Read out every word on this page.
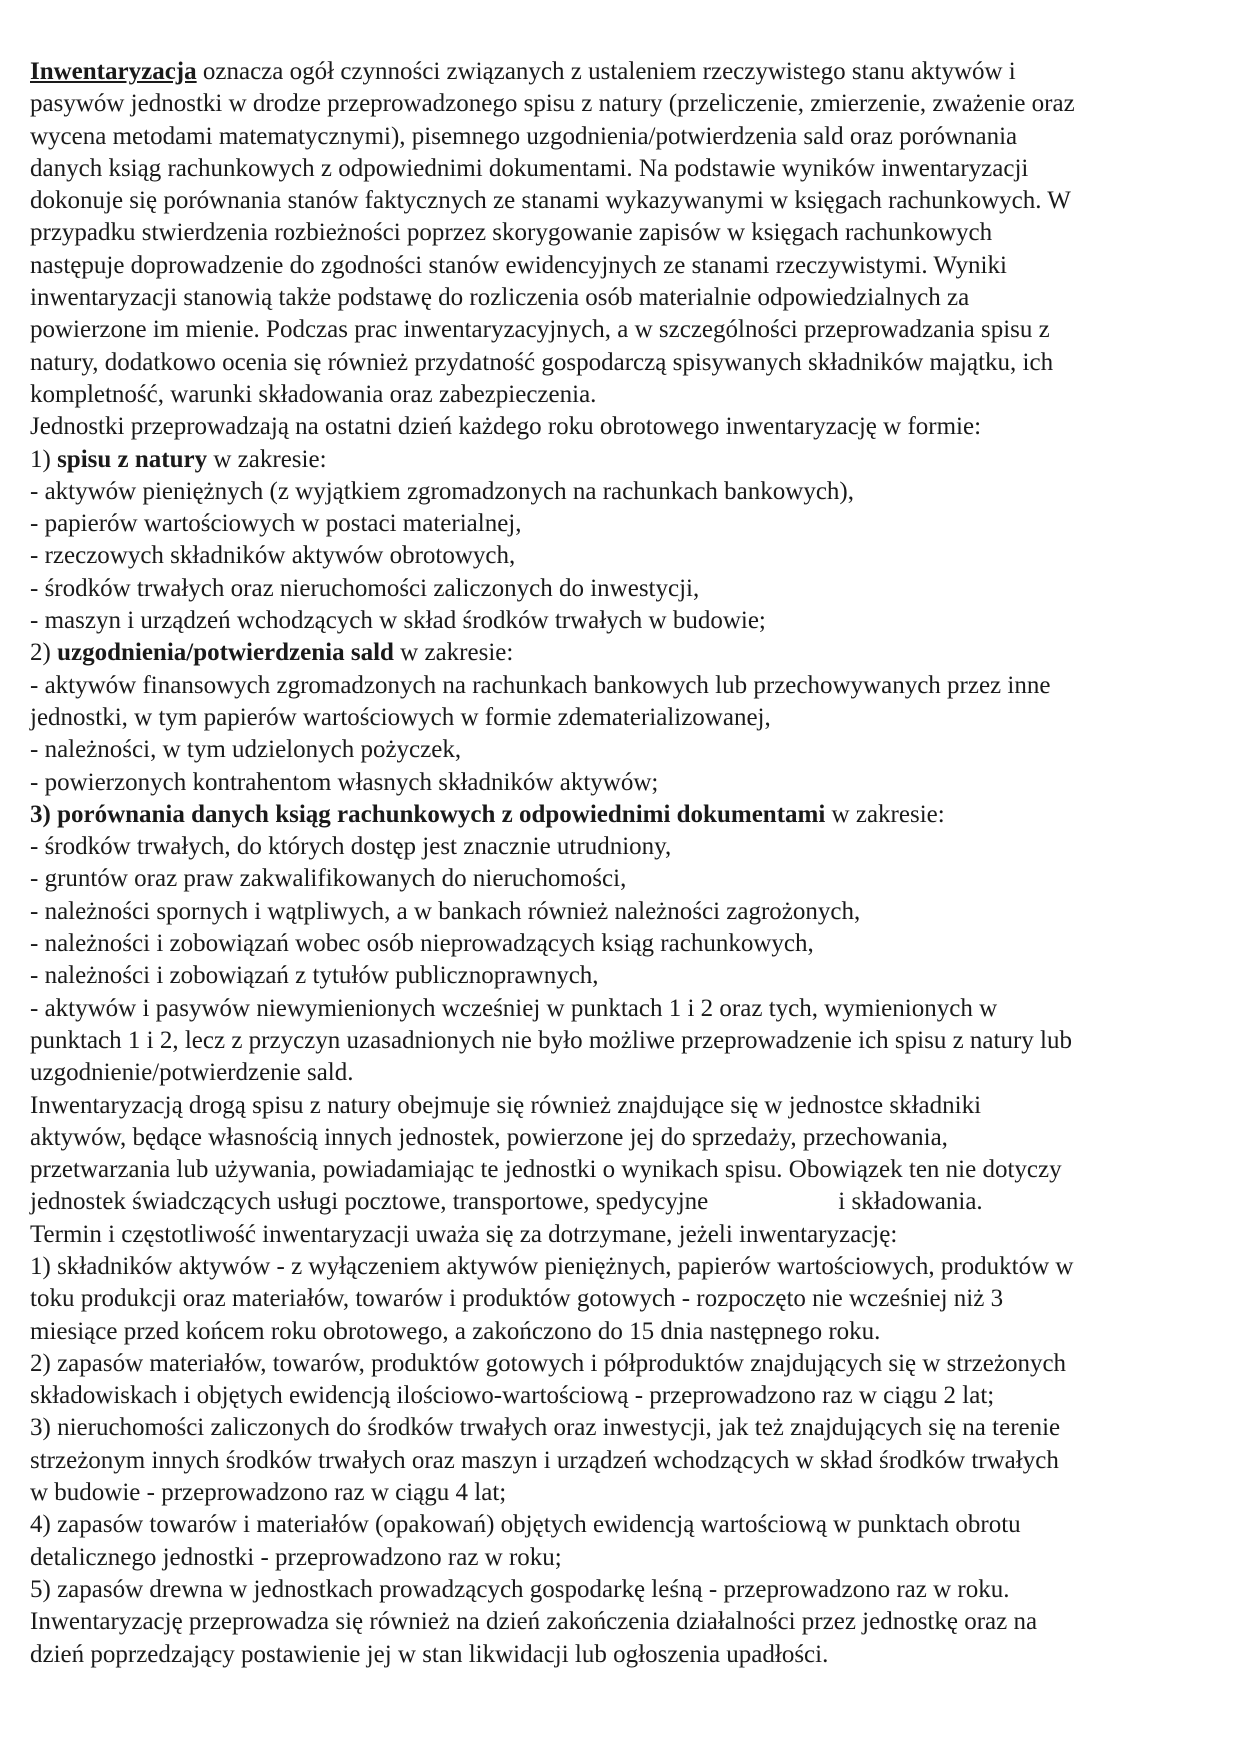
Inwentaryzacja oznacza ogół czynności związanych z ustaleniem rzeczywistego stanu aktywów i
pasywów jednostki w drodze przeprowadzonego spisu z natury (przeliczenie, zmierzenie, zważenie oraz
wycena metodami matematycznymi), pisemnego uzgodnienia/potwierdzenia sald oraz porównania
danych ksiąg rachunkowych z odpowiednimi dokumentami. Na podstawie wyników inwentaryzacji
dokonuje się porównania stanów faktycznych ze stanami wykazywanymi w księgach rachunkowych. W
przypadku stwierdzenia rozbieżności poprzez skorygowanie zapisów w księgach rachunkowych
następuje doprowadzenie do zgodności stanów ewidencyjnych ze stanami rzeczywistymi. Wyniki
inwentaryzacji stanowią także podstawę do rozliczenia osób materialnie odpowiedzialnych za
powierzone im mienie. Podczas prac inwentaryzacyjnych, a w szczególności przeprowadzania spisu z
natury, dodatkowo ocenia się również przydatność gospodarczą spisywanych składników majątku, ich
kompletność, warunki składowania oraz zabezpieczenia.
Jednostki przeprowadzają na ostatni dzień każdego roku obrotowego inwentaryzację w formie:
1) spisu z natury w zakresie:
- aktywów pieniężnych (z wyjątkiem zgromadzonych na rachunkach bankowych),
- papierów wartościowych w postaci materialnej,
- rzeczowych składników aktywów obrotowych,
- środków trwałych oraz nieruchomości zaliczonych do inwestycji,
- maszyn i urządzeń wchodzących w skład środków trwałych w budowie;
2) uzgodnienia/potwierdzenia sald w zakresie:
- aktywów finansowych zgromadzonych na rachunkach bankowych lub przechowywanych przez inne
jednostki, w tym papierów wartościowych w formie zdematerializowanej,
- należności, w tym udzielonych pożyczek,
- powierzonych kontrahentom własnych składników aktywów;
3) porównania danych ksiąg rachunkowych z odpowiednimi dokumentami w zakresie:
- środków trwałych, do których dostęp jest znacznie utrudniony,
- gruntów oraz praw zakwalifikowanych do nieruchomości,
- należności spornych i wątpliwych, a w bankach również należności zagrożonych,
- należności i zobowiązań wobec osób nieprowadzących ksiąg rachunkowych,
- należności i zobowiązań z tytułów publicznoprawnych,
- aktywów i pasywów niewymienionych wcześniej w punktach 1 i 2 oraz tych, wymienionych w
punktach 1 i 2, lecz z przyczyn uzasadnionych nie było możliwe przeprowadzenie ich spisu z natury lub
uzgodnienie/potwierdzenie sald.
Inwentaryzacją drogą spisu z natury obejmuje się również znajdujące się w jednostce składniki
aktywów, będące własnością innych jednostek, powierzone jej do sprzedaży, przechowania,
przetwarzania lub używania, powiadamiając te jednostki o wynikach spisu. Obowiązek ten nie dotyczy
jednostek świadczących usługi pocztowe, transportowe, spedycyjne	i składowania.
Termin i częstotliwość inwentaryzacji uważa się za dotrzymane, jeżeli inwentaryzację:
1) składników aktywów - z wyłączeniem aktywów pieniężnych, papierów wartościowych, produktów w
toku produkcji oraz materiałów, towarów i produktów gotowych - rozpoczęto nie wcześniej niż 3
miesiące przed końcem roku obrotowego, a zakończono do 15 dnia następnego roku.
2) zapasów materiałów, towarów, produktów gotowych i półproduktów znajdujących się w strzeżonych
składowiskach i objętych ewidencją ilościowo-wartościową - przeprowadzono raz w ciągu 2 lat;
3) nieruchomości zaliczonych do środków trwałych oraz inwestycji, jak też znajdujących się na terenie
strzeżonym innych środków trwałych oraz maszyn i urządzeń wchodzących w skład środków trwałych
w budowie - przeprowadzono raz w ciągu 4 lat;
4) zapasów towarów i materiałów (opakowań) objętych ewidencją wartościową w punktach obrotu
detalicznego jednostki - przeprowadzono raz w roku;
5) zapasów drewna w jednostkach prowadzących gospodarkę leśną - przeprowadzono raz w roku.
Inwentaryzację przeprowadza się również na dzień zakończenia działalności przez jednostkę oraz na
dzień poprzedzający postawienie jej w stan likwidacji lub ogłoszenia upadłości.
